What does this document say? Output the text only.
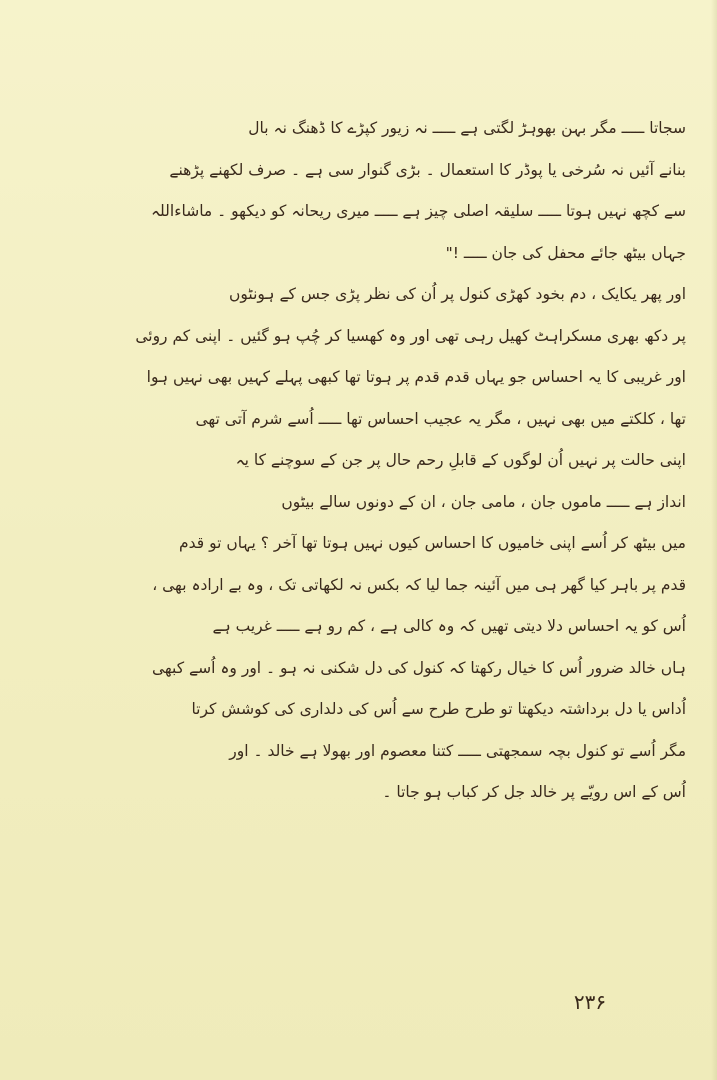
سجاتا ـــــ مگر بہن بھوہڑ لگتی ہے ـــــ نہ زیور کپڑے کا ڈھنگ نہ بال
بنانے آئیں نہ سُرخی یا پوڈر کا استعمال ۔ بڑی گنوار سی ہے ۔ صرف لکھنے پڑھنے
سے کچھ نہیں ہوتا ـــــ سلیقہ اصلی چیز ہے ـــــ میری ریحانہ کو دیکھو ۔ ماشاءاللہ
جہاں بیٹھ جائے محفل کی جان ـــــ !"
اور پھر یکایک ، دم بخود کھڑی کنول پر اُن کی نظر پڑی جس کے ہونٹوں
پر دکھ بھری مسکراہٹ کھیل رہی تھی اور وہ کھسیا کر چُپ ہو گئیں ۔ اپنی کم روئی
اور غریبی کا یہ احساس جو یہاں قدم قدم پر ہوتا تھا کبھی پہلے کہیں بھی نہیں ہوا
تھا ، کلکتے میں بھی نہیں ، مگر یہ عجیب احساس تھا ـــــ اُسے شرم آتی تھی
اپنی حالت پر نہیں اُن لوگوں کے قابلِ رحم حال پر جن کے سوچنے کا یہ
انداز ہے ـــــ ماموں جان ، مامی جان ، ان کے دونوں سالے بیٹوں
میں بیٹھ کر اُسے اپنی خامیوں کا احساس کیوں نہیں ہوتا تھا آخر ؟ یہاں تو قدم
قدم پر باہر کیا گھر ہی میں آئینہ جما لیا کہ بکس نہ لکھاتی تک ، وہ بے ارادہ بھی ،
اُس کو یہ احساس دلا دیتی تھیں کہ وہ کالی ہے ، کم رو ہے ـــــ غریب ہے
ہاں خالد ضرور اُس کا خیال رکھتا کہ کنول کی دل شکنی نہ ہو ۔ اور وہ اُسے کبھی
اُداس یا دل برداشتہ دیکھتا تو طرح طرح سے اُس کی دلداری کی کوشش کرتا
مگر اُسے تو کنول بچہ سمجھتی ـــــ کتنا معصوم اور بھولا ہے خالد ۔ اور
اُس کے اس رویّے پر خالد جل کر کباب ہو جاتا ۔
۲۳۶
